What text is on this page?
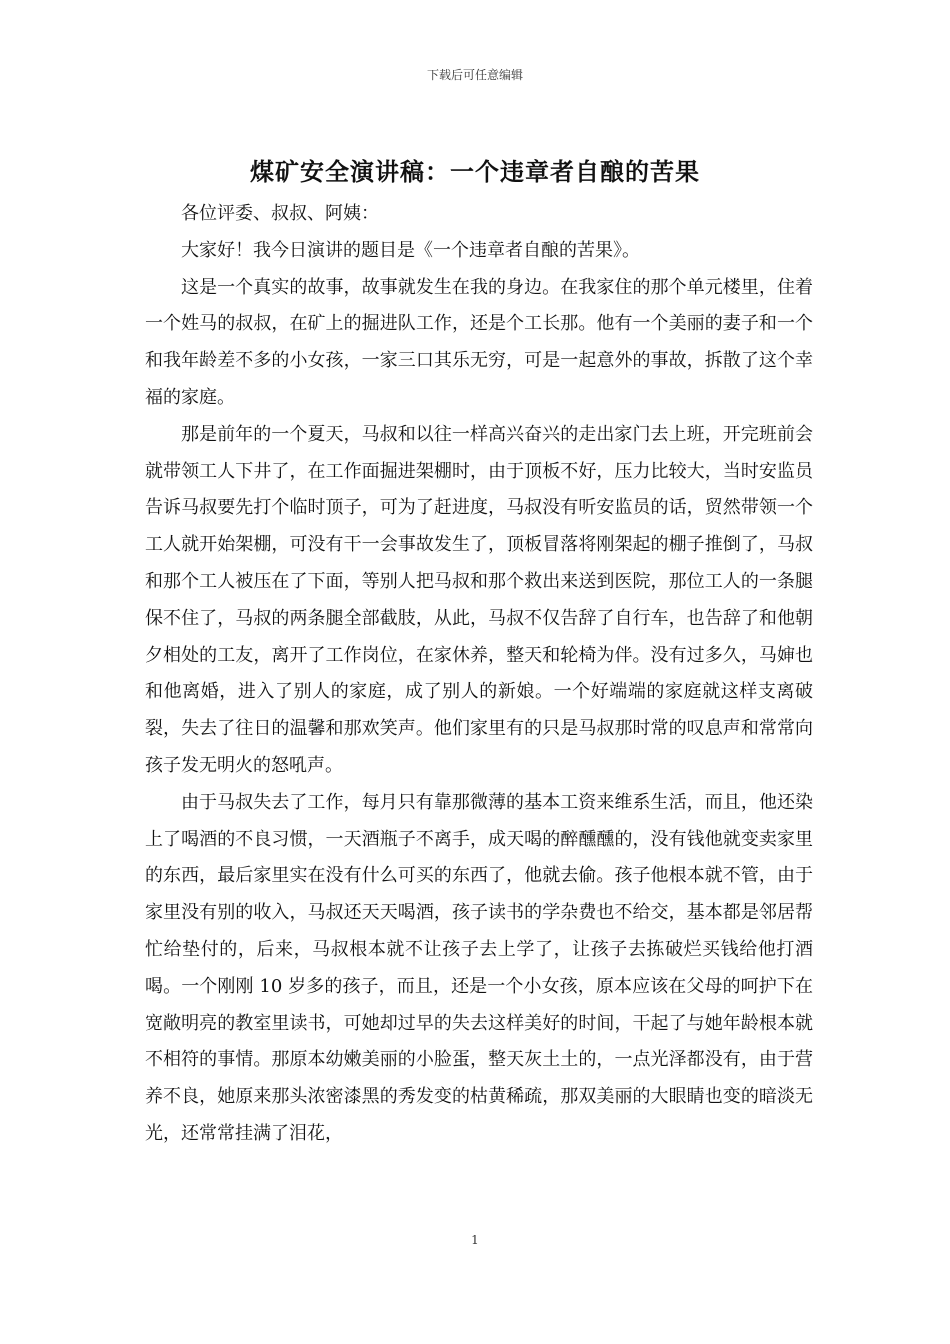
下载后可任意编辑
煤矿安全演讲稿：一个违章者自酿的苦果

各位评委、叔叔、阿姨：

大家好！我今日演讲的题目是《一个违章者自酿的苦果》。

这是一个真实的故事，故事就发生在我的身边。在我家住的那个单元楼里，住着一个姓马的叔叔，在矿上的掘进队工作，还是个工长那。他有一个美丽的妻子和一个和我年龄差不多的小女孩，一家三口其乐无穷，可是一起意外的事故，拆散了这个幸福的家庭。

那是前年的一个夏天，马叔和以往一样高兴奋兴的走出家门去上班，开完班前会就带领工人下井了，在工作面掘进架棚时，由于顶板不好，压力比较大，当时安监员告诉马叔要先打个临时顶子，可为了赶进度，马叔没有听安监员的话，贸然带领一个工人就开始架棚，可没有干一会事故发生了，顶板冒落将刚架起的棚子推倒了，马叔和那个工人被压在了下面，等别人把马叔和那个救出来送到医院，那位工人的一条腿保不住了，马叔的两条腿全部截肢，从此，马叔不仅告辞了自行车，也告辞了和他朝夕相处的工友，离开了工作岗位，在家休养，整天和轮椅为伴。没有过多久，马婶也和他离婚，进入了别人的家庭，成了别人的新娘。一个好端端的家庭就这样支离破裂，失去了往日的温馨和那欢笑声。他们家里有的只是马叔那时常的叹息声和常常向孩子发无明火的怒吼声。

由于马叔失去了工作，每月只有靠那微薄的基本工资来维系生活，而且，他还染上了喝酒的不良习惯，一天酒瓶子不离手，成天喝的醉醺醺的，没有钱他就变卖家里的东西，最后家里实在没有什么可买的东西了，他就去偷。孩子他根本就不管，由于家里没有别的收入，马叔还天天喝酒，孩子读书的学杂费也不给交，基本都是邻居帮忙给垫付的，后来，马叔根本就不让孩子去上学了，让孩子去拣破烂买钱给他打酒喝。一个刚刚 10 岁多的孩子，而且，还是一个小女孩，原本应该在父母的呵护下在宽敞明亮的教室里读书，可她却过早的失去这样美好的时间，干起了与她年龄根本就不相符的事情。那原本幼嫩美丽的小脸蛋，整天灰土土的，一点光泽都没有，由于营养不良，她原来那头浓密漆黑的秀发变的枯黄稀疏，那双美丽的大眼睛也变的暗淡无光，还常常挂满了泪花，

1
